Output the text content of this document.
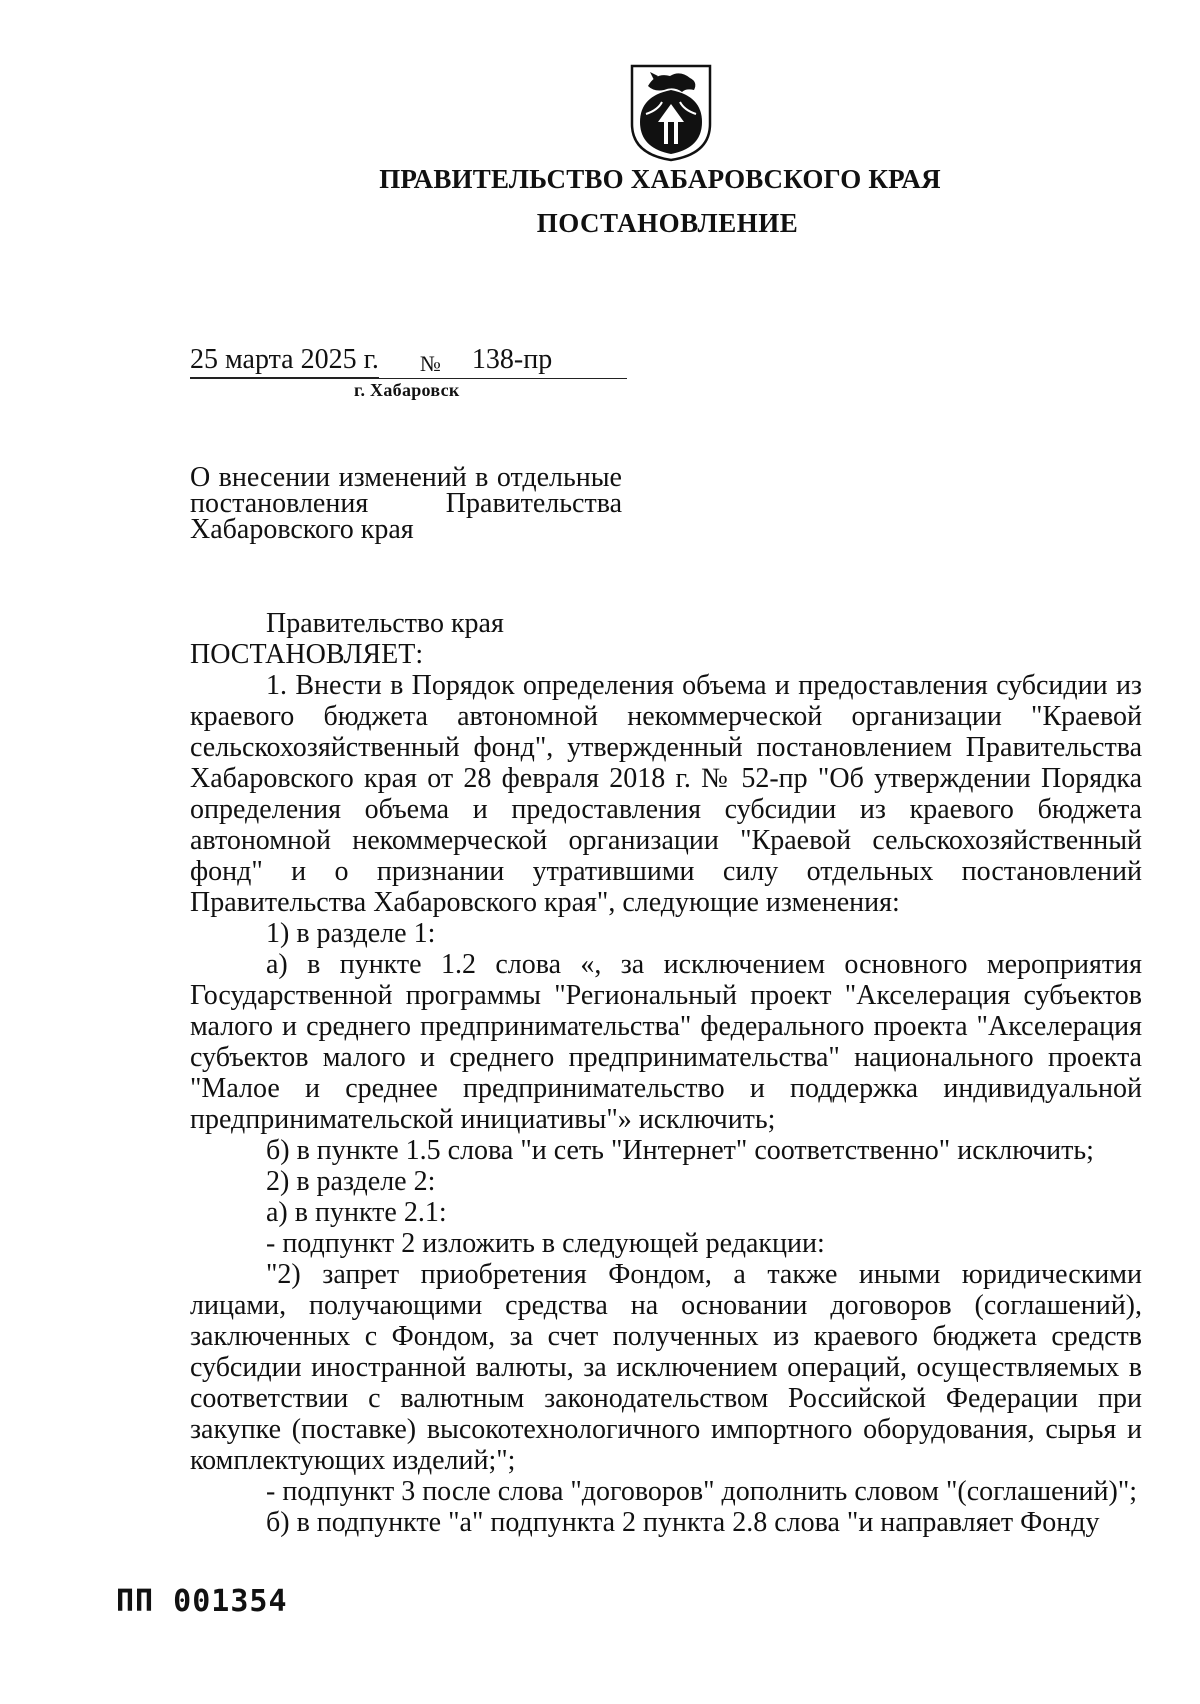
ПРАВИТЕЛЬСТВО ХАБАРОВСКОГО КРАЯ
ПОСТАНОВЛЕНИЕ
25 марта 2025 г. № 138-пр
г. Хабаровск
О внесении изменений в отдельные
постановления Правительства
Хабаровского края

Правительство края

ПОСТАНОВЛЯЕТ:

1. Внести в Порядок определения объема и предоставления субсидии из краевого бюджета автономной некоммерческой организации "Краевой сельскохозяйственный фонд", утвержденный постановлением Правительства Хабаровского края от 28 февраля 2018 г. № 52-пр "Об утверждении Порядка определения объема и предоставления субсидии из краевого бюджета автономной некоммерческой организации "Краевой сельскохозяйственный фонд" и о признании утратившими силу отдельных постановлений Правительства Хабаровского края", следующие изменения:

1) в разделе 1:

а) в пункте 1.2 слова «, за исключением основного мероприятия Государственной программы "Региональный проект "Акселерация субъектов малого и среднего предпринимательства" федерального проекта "Акселерация субъектов малого и среднего предпринимательства" национального проекта "Малое и среднее предпринимательство и поддержка индивидуальной предпринимательской инициативы"» исключить;

б) в пункте 1.5 слова "и сеть "Интернет" соответственно" исключить;

2) в разделе 2:

а) в пункте 2.1:

- подпункт 2 изложить в следующей редакции:

"2) запрет приобретения Фондом, а также иными юридическими лицами, получающими средства на основании договоров (соглашений), заключенных с Фондом, за счет полученных из краевого бюджета средств субсидии иностранной валюты, за исключением операций, осуществляемых в соответствии с валютным законодательством Российской Федерации при закупке (поставке) высокотехнологичного импортного оборудования, сырья и комплектующих изделий;";

- подпункт 3 после слова "договоров" дополнить словом "(соглашений)";

б) в подпункте "а" подпункта 2 пункта 2.8 слова "и направляет Фонду

ПП 001354
